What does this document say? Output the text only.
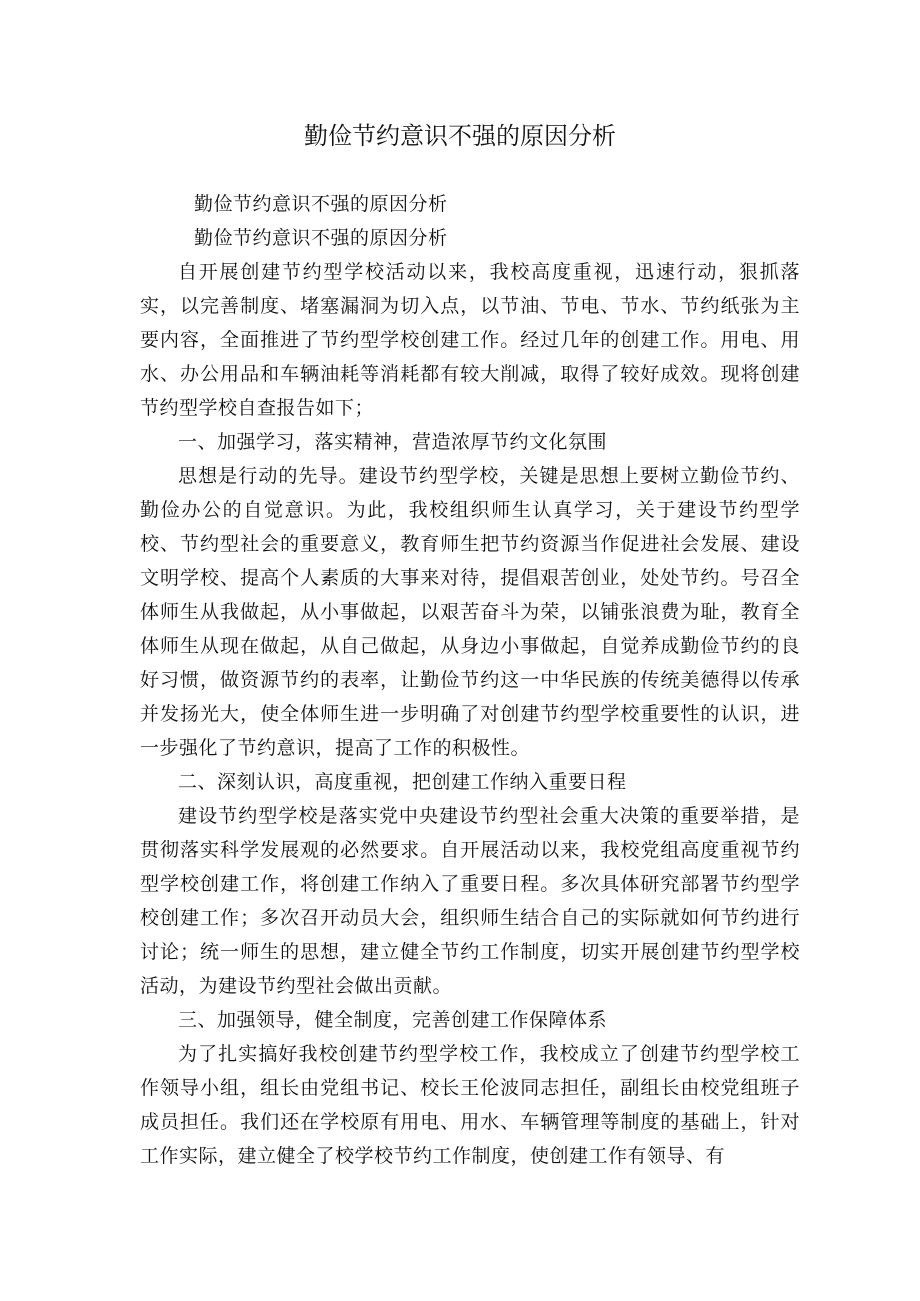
勤俭节约意识不强的原因分析

勤俭节约意识不强的原因分析

勤俭节约意识不强的原因分析

自开展创建节约型学校活动以来，我校高度重视，迅速行动，狠抓落实，以完善制度、堵塞漏洞为切入点，以节油、节电、节水、节约纸张为主要内容，全面推进了节约型学校创建工作。经过几年的创建工作。用电、用水、办公用品和车辆油耗等消耗都有较大削减，取得了较好成效。现将创建节约型学校自查报告如下；

一、加强学习，落实精神，营造浓厚节约文化氛围

思想是行动的先导。建设节约型学校，关键是思想上要树立勤俭节约、勤俭办公的自觉意识。为此，我校组织师生认真学习，关于建设节约型学校、节约型社会的重要意义，教育师生把节约资源当作促进社会发展、建设文明学校、提高个人素质的大事来对待，提倡艰苦创业，处处节约。号召全体师生从我做起，从小事做起，以艰苦奋斗为荣，以铺张浪费为耻，教育全体师生从现在做起，从自己做起，从身边小事做起，自觉养成勤俭节约的良好习惯，做资源节约的表率，让勤俭节约这一中华民族的传统美德得以传承并发扬光大，使全体师生进一步明确了对创建节约型学校重要性的认识，进一步强化了节约意识，提高了工作的积极性。

二、深刻认识，高度重视，把创建工作纳入重要日程

建设节约型学校是落实党中央建设节约型社会重大决策的重要举措，是贯彻落实科学发展观的必然要求。自开展活动以来，我校党组高度重视节约型学校创建工作，将创建工作纳入了重要日程。多次具体研究部署节约型学校创建工作；多次召开动员大会，组织师生结合自己的实际就如何节约进行讨论；统一师生的思想，建立健全节约工作制度，切实开展创建节约型学校活动，为建设节约型社会做出贡献。

三、加强领导，健全制度，完善创建工作保障体系

为了扎实搞好我校创建节约型学校工作，我校成立了创建节约型学校工作领导小组，组长由党组书记、校长王伦波同志担任，副组长由校党组班子成员担任。我们还在学校原有用电、用水、车辆管理等制度的基础上，针对工作实际，建立健全了校学校节约工作制度，使创建工作有领导、有
